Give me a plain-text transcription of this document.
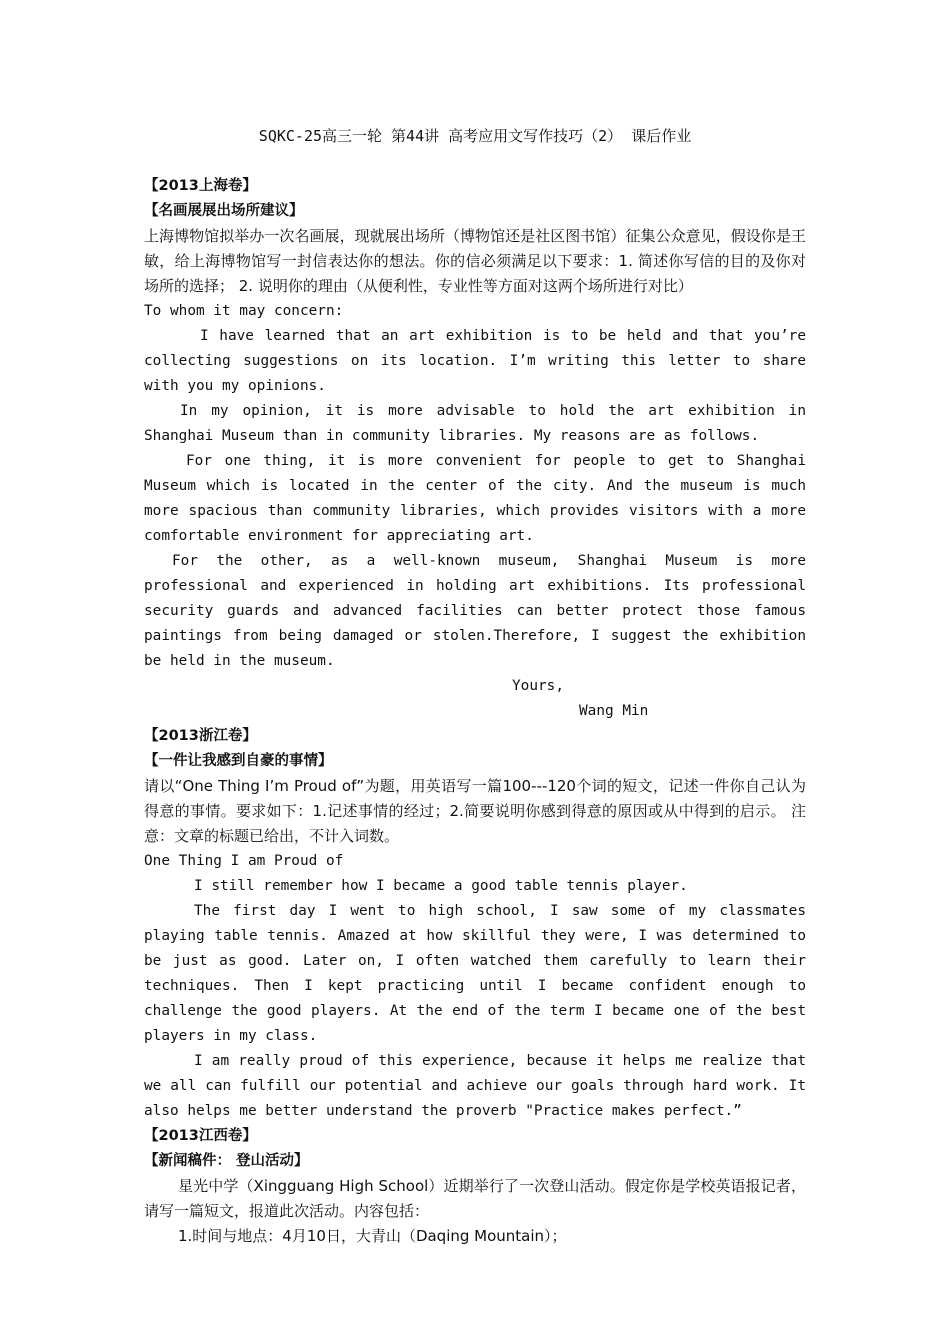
SQKC-25高三一轮 第44讲 高考应用文写作技巧（2） 课后作业

【2013上海卷】

【名画展展出场所建议】

上海博物馆拟举办一次名画展，现就展出场所（博物馆还是社区图书馆）征集公众意见，假设你是王敏，给上海博物馆写一封信表达你的想法。你的信必须满足以下要求：1. 简述你写信的目的及你对场所的选择； 2. 说明你的理由（从便利性，专业性等方面对这两个场所进行对比）

To whom it may concern:

I have learned that an art exhibition is to be held and that you’re collecting suggestions on its location. I’m writing this letter to share with you my opinions.

In my opinion, it is more advisable to hold the art exhibition in Shanghai Museum than in community libraries. My reasons are as follows.

For one thing, it is more convenient for people to get to Shanghai Museum which is located in the center of the city. And the museum is much more spacious than community libraries, which provides visitors with a more comfortable environment for appreciating art.

For the other, as a well-known museum, Shanghai Museum is more professional and experienced in holding art exhibitions. Its professional security guards and advanced facilities can better protect those famous paintings from being damaged or stolen.Therefore, I suggest the exhibition be held in the museum.

Yours,

Wang Min

【2013浙江卷】

【一件让我感到自豪的事情】

请以“One Thing I’m Proud of”为题，用英语写一篇100---120个词的短文，记述一件你自己认为得意的事情。要求如下：1.记述事情的经过；2.简要说明你感到得意的原因或从中得到的启示。 注意：文章的标题已给出，不计入词数。

One Thing I am Proud of

I still remember how I became a good table tennis player.

The first day I went to high school, I saw some of my classmates playing table tennis. Amazed at how skillful they were, I was determined to be just as good. Later on, I often watched them carefully to learn their techniques. Then I kept practicing until I became confident enough to challenge the good players. At the end of the term I became one of the best players in my class.

I am really proud of this experience, because it helps me realize that we all can fulfill our potential and achieve our goals through hard work. It also helps me better understand the proverb "Practice makes perfect.”

【2013江西卷】

【新闻稿件： 登山活动】

星光中学（Xingguang High School）近期举行了一次登山活动。假定你是学校英语报记者，请写一篇短文，报道此次活动。内容包括：

1.时间与地点：4月10日，大青山（Daqing Mountain）；
